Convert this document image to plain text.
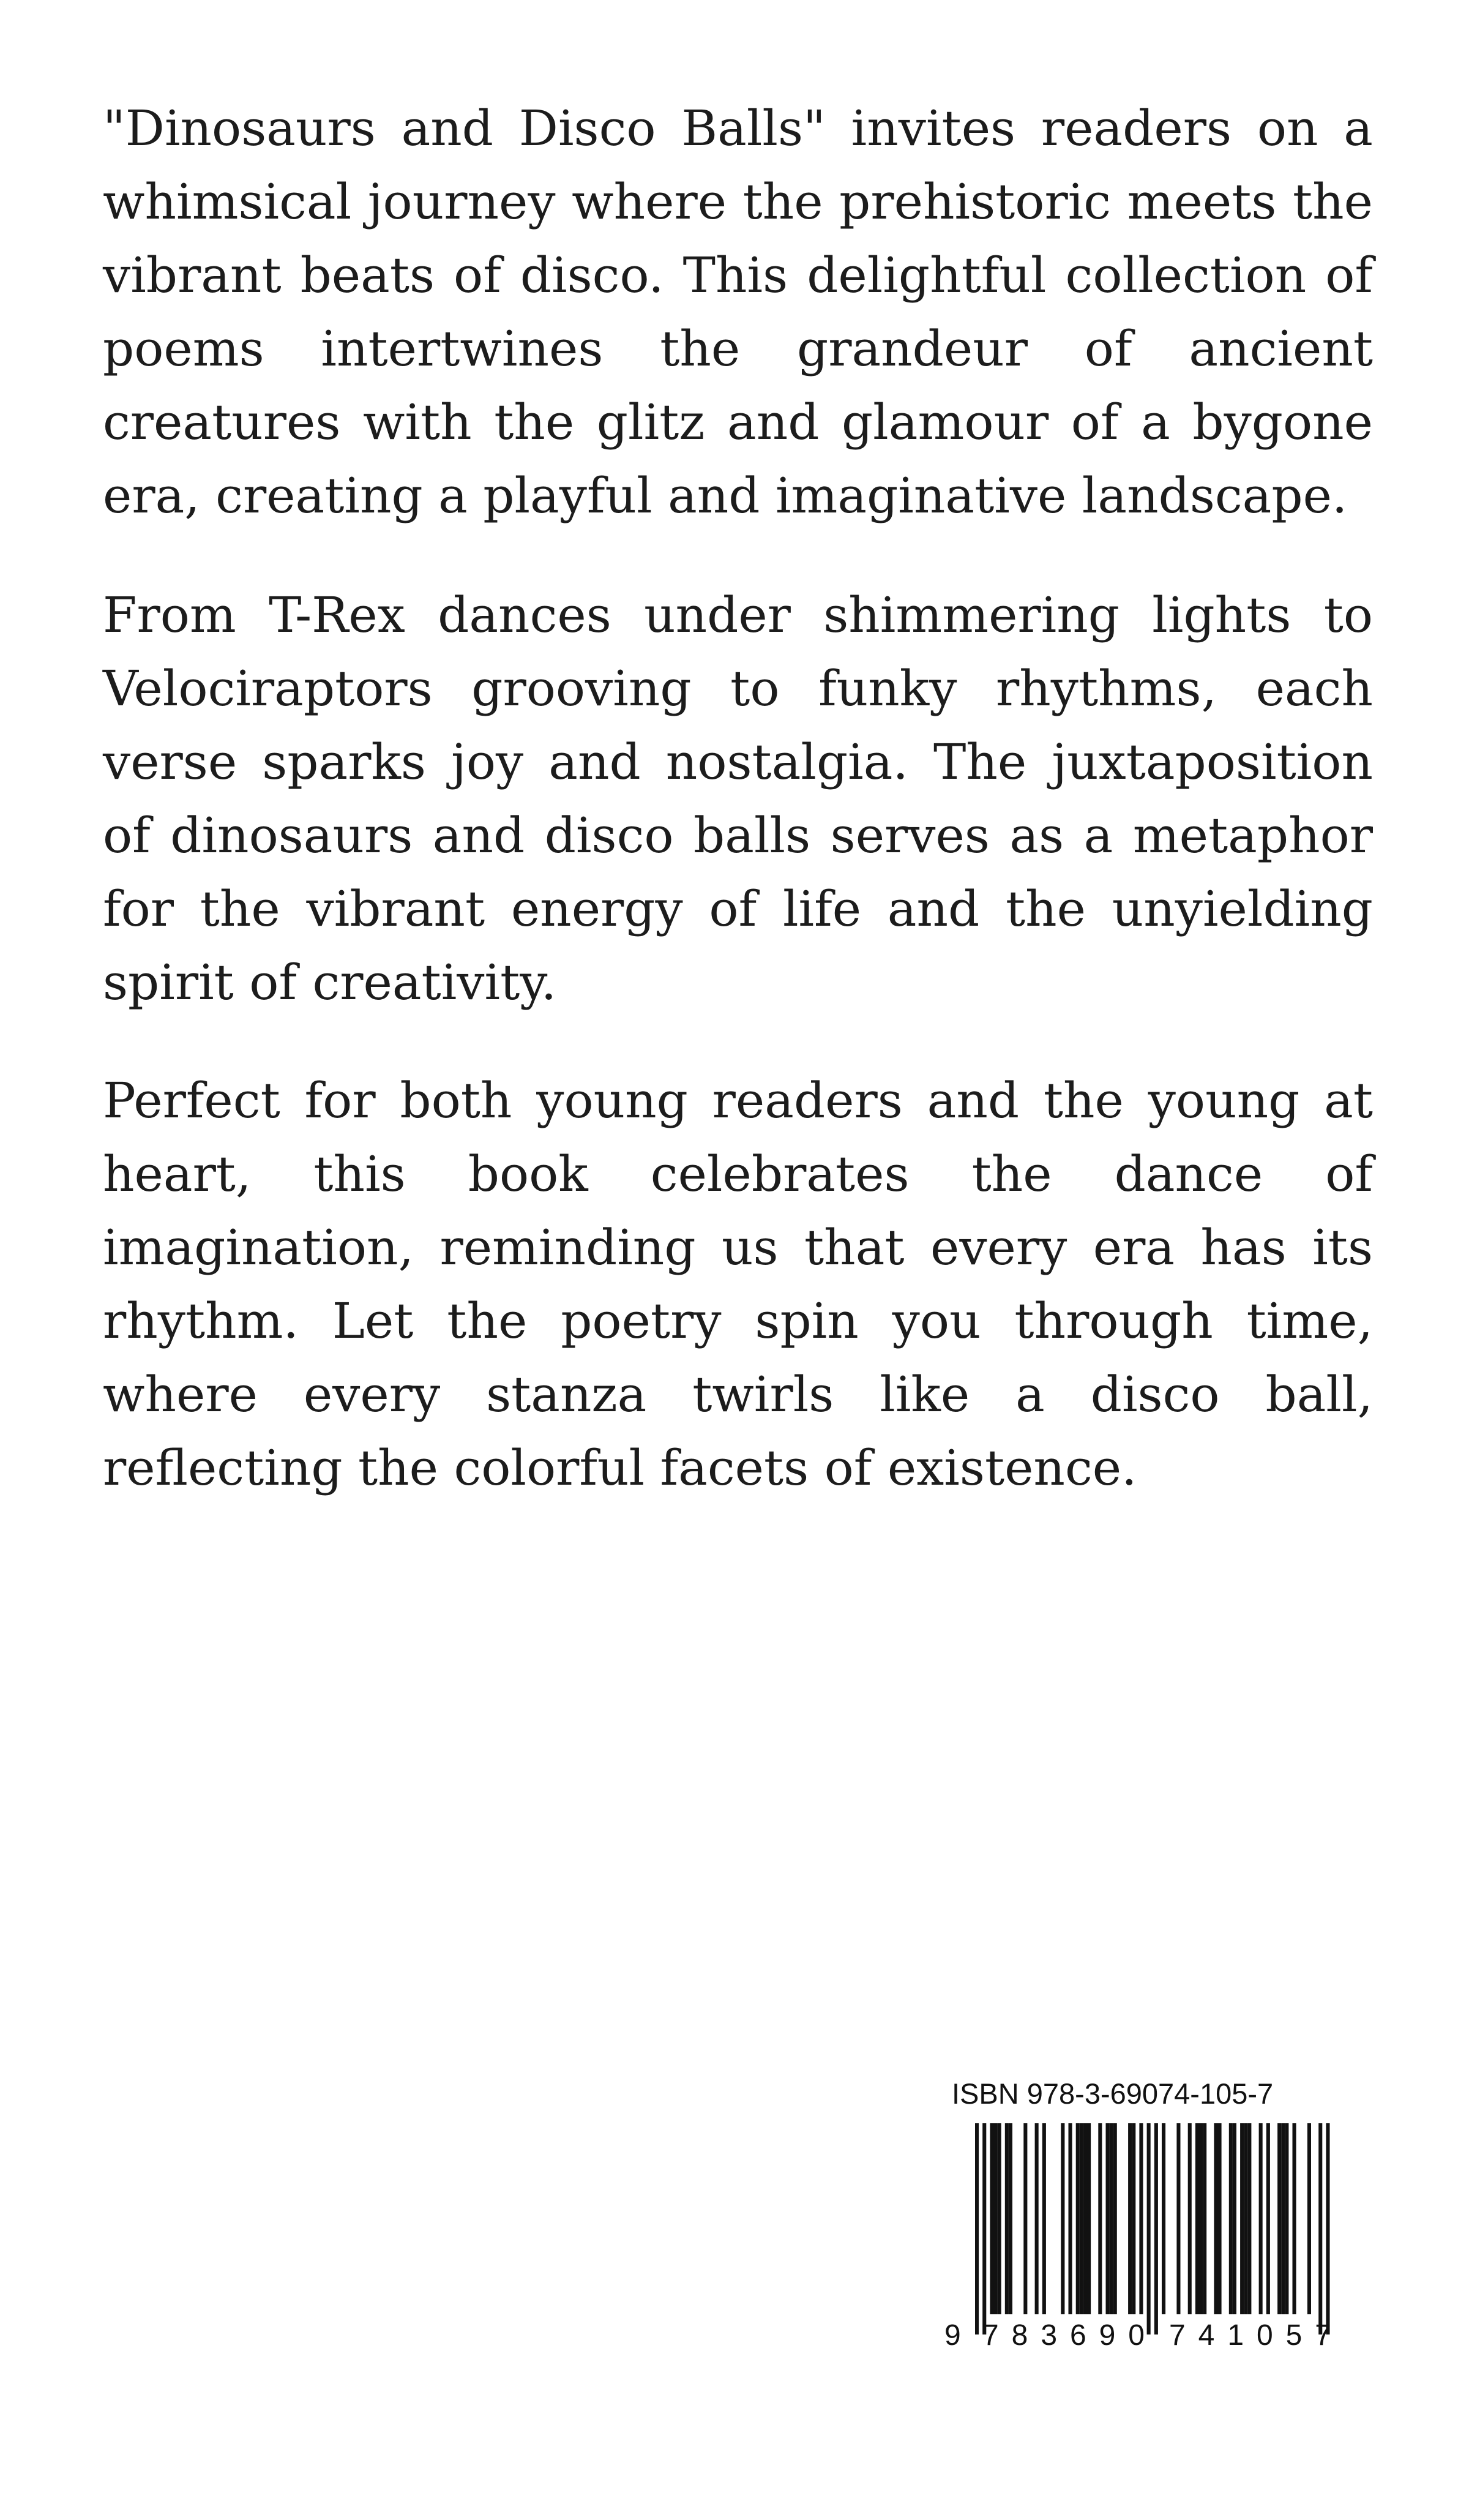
"Dinosaurs and Disco Balls" invites readers on a whimsical journey where the prehistoric meets the vibrant beats of disco. This delightful collection of poems intertwines the grandeur of ancient creatures with the glitz and glamour of a bygone era, creating a playful and imaginative landscape.

From T-Rex dances under shimmering lights to Velociraptors grooving to funky rhythms, each verse sparks joy and nostalgia. The juxtaposition of dinosaurs and disco balls serves as a metaphor for the vibrant energy of life and the unyielding spirit of creativity.

Perfect for both young readers and the young at heart, this book celebrates the dance of imagination, reminding us that every era has its rhythm. Let the poetry spin you through time, where every stanza twirls like a disco ball, reflecting the colorful facets of existence.

ISBN 978-3-69074-105-7
9 783690 741057
